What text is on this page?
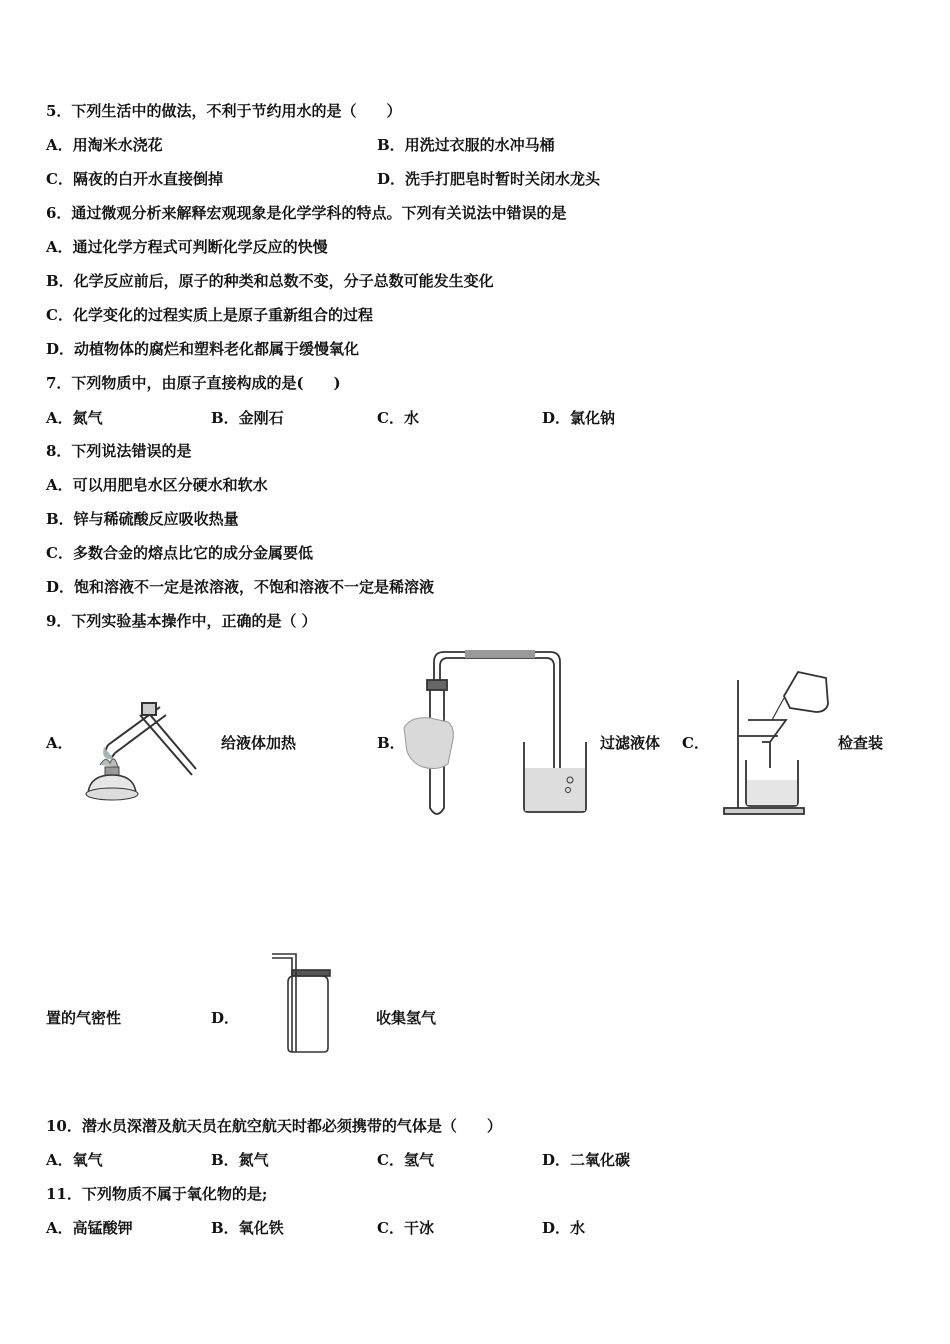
5．下列生活中的做法，不利于节约用水的是（　　）
A．用淘米水浇花	B．用洗过衣服的水冲马桶
C．隔夜的白开水直接倒掉	D．洗手打肥皂时暂时关闭水龙头
6．通过微观分析来解释宏观现象是化学学科的特点。下列有关说法中错误的是
A．通过化学方程式可判断化学反应的快慢
B．化学反应前后，原子的种类和总数不变，分子总数可能发生变化
C．化学变化的过程实质上是原子重新组合的过程
D．动植物体的腐烂和塑料老化都属于缓慢氧化
7．下列物质中，由原子直接构成的是(　　)
A．氮气	B．金刚石	C．水	D．氯化钠
8．下列说法错误的是
A．可以用肥皂水区分硬水和软水
B．锌与稀硫酸反应吸收热量
C．多数合金的熔点比它的成分金属要低
D．饱和溶液不一定是浓溶液，不饱和溶液不一定是稀溶液
9．下列实验基本操作中，正确的是（ ）
A．	给液体加热	B．	过滤液体 C．	检查装
置的气密性	D．	收集氢气
10．潜水员深潜及航天员在航空航天时都必须携带的气体是（　　）
A．氧气	B．氮气	C．氢气	D．二氧化碳
11．下列物质不属于氧化物的是;
A．高锰酸钾	B．氧化铁	C．干冰	D．水
